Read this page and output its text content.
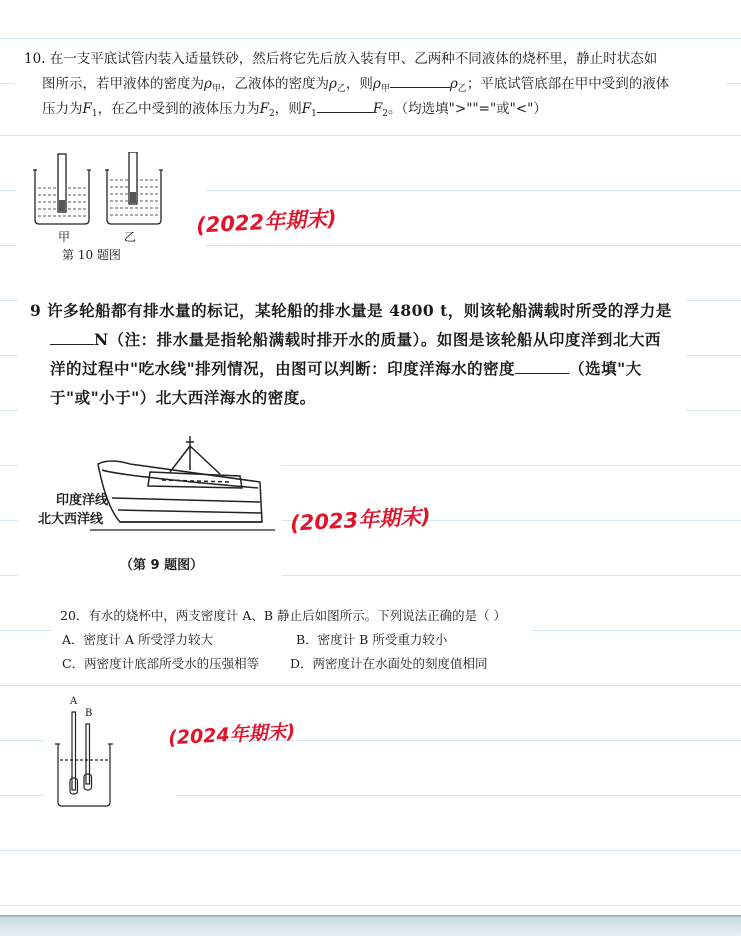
10. 在一支平底试管内装入适量铁砂，然后将它先后放入装有甲、乙两种不同液体的烧杯里，静止时状态如
图所示，若甲液体的密度为$\rho_甲$，乙液体的密度为$\rho_乙$，则$\rho_甲$	$\rho_乙$；平底试管底部在甲中受到的液体
压力为$F_1$，在乙中受到的液体压力为$F_2$，则$F_1$	$F_2$。（均选填">""="或"<"）
甲	乙
第 10 题图
(2022年期末)
9 许多轮船都有排水量的标记，某轮船的排水量是 4800 t，则该轮船满载时所受的浮力是
N（注：排水量是指轮船满载时排开水的质量）。如图是该轮船从印度洋到北大西
洋的过程中"吃水线"排列情况，由图可以判断：印度洋海水的密度	（选填"大
于"或"小于"）北大西洋海水的密度。
印度洋线
北大西洋线
（第 9 题图）
(2023年期末)
20．有水的烧杯中，两支密度计 A、B 静止后如图所示。下列说法正确的是（ ）
A．密度计 A 所受浮力较大	B．密度计 B 所受重力较小
C．两密度计底部所受水的压强相等 D．两密度计在水面处的刻度值相同
A
B
(2024年期末)
